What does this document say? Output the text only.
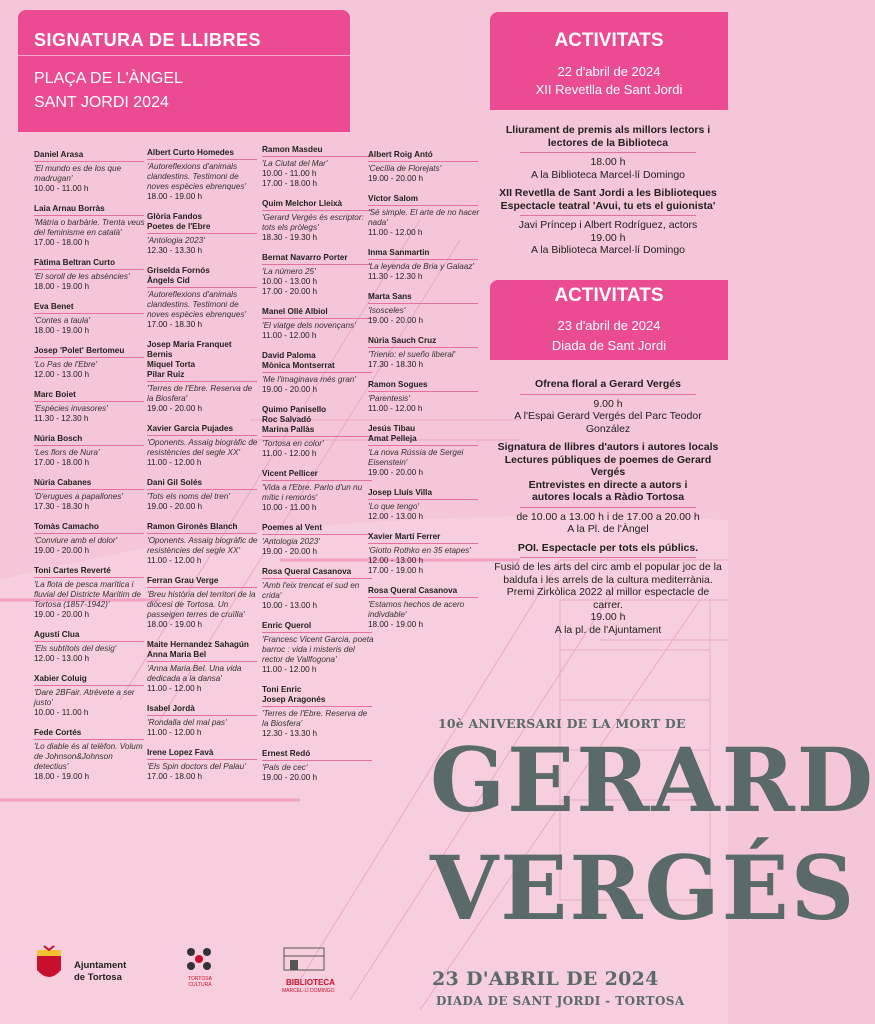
SIGNATURA DE LLIBRES
PLAÇA DE L'ÀNGEL
SANT JORDI 2024
ACTIVITATS
22 d'abril de 2024
XII Revetlla de Sant Jordi
ACTIVITATS
23 d'abril de 2024
Diada de Sant Jordi
Daniel Arasa
'El mundo es de los que madrugan'
10.00 - 11.00 h
Laia Arnau Borràs
'Màtria o barbàrie. Trenta veus del feminisme en català'
17.00 - 18.00 h
Fàtima Beltran Curto
'El soroll de les absències'
18.00 - 19.00 h
Eva Benet
'Contes a taula'
18.00 - 19.00 h
Josep 'Polet' Bertomeu
'Lo Pas de l'Ebre'
12.00 - 13.00 h
Marc Boiet
'Espècies invasores'
11.30 - 12.30 h
Núria Bosch
'Les flors de Nura'
17.00 - 18.00 h
Núria Cabanes
'D'erugues a papallones'
17.30 - 18.30 h
Tomàs Camacho
'Conviure amb el dolor'
19.00 - 20.00 h
Toni Cartes Reverté
'La flota de pesca marítica i fluvial del Districte Marítim de Tortosa (1857-1942)'
19.00 - 20.00 h
Agustí Clua
'Els subtítols del desig'
12.00 - 13.00 h
Xabier Coluig
'Dare 2BFair. Atrévete a ser justo'
10.00 - 11.00 h
Fede Cortés
'Lo diable és al telèfon. Volum de Johnson&Johnson detectius'
18.00 - 19.00 h
Albert Curto Homedes
'Autoreflexions d'animals clandestins. Testimoni de noves espècies ebrenques'
18.00 - 19.00 h
Glòria Fandos
Poetes de l'Ebre
'Antologia 2023'
12.30 - 13.30 h
Griselda Fornós
Àngels Cid
'Autoreflexions d'animals clandestins. Testimoni de noves espècies ebrenques'
17.00 - 18.30 h
Josep Maria Franquet Bernis
Miquel Torta
Pilar Ruiz
'Terres de l'Ebre. Reserva de la Biosfera'
19.00 - 20.00 h
Xavier Garcia Pujades
'Oponents. Assaig biogràfic de resistències del segle XX'
11.00 - 12.00 h
Dani Gil Solés
'Tots els noms del tren'
19.00 - 20.00 h
Ramon Gironès Blanch
'Oponents. Assaig biogràfic de resistències del segle XX'
11.00 - 12.00 h
Ferran Grau Verge
'Breu història del territori de la diòcesi de Tortosa. Un passeigen terres de cruïlla'
18.00 - 19.00 h
Maite Hernandez Sahagún
Anna Maria Bel
'Anna Maria Bel. Una vida dedicada a la dansa'
11.00 - 12.00 h
Isabel Jordà
'Rondalla del mal pas'
11.00 - 12.00 h
Irene Lopez Favà
'Els Spin doctors del Palau'
17.00 - 18.00 h
Ramon Masdeu
'La Ciutat del Mar'
10.00 - 11.00 h
17.00 - 18.00 h
Quim Melchor Lleixà
'Gerard Vergés és escriptor: tots els pròlegs'
18.30 - 19.30 h
Bernat Navarro Porter
'La número 25'
10.00 - 13.00 h
17.00 - 20.00 h
Manel Ollé Albiol
'El viatge dels novençans'
11.00 - 12.00 h
David Paloma
Mònica Montserrat
'Me l'imaginava més gran'
19.00 - 20.00 h
Quimo Panisello
Roc Salvadó
Marina Pallàs
'Tortosa en color'
11.00 - 12.00 h
Vicent Pellicer
'Vida a l'Ebre. Parlo d'un nu mític i remorós'
10.00 - 11.00 h
Poemes al Vent
'Antologia 2023'
19.00 - 20.00 h
Rosa Queral Casanova
'Amb l'eix trencat el sud en crida'
10.00 - 13.00 h
Enric Querol
'Francesc Vicent Garcia, poeta barroc : vida i misteris del rector de Vallfogona'
11.00 - 12.00 h
Toni Enric
Josep Aragonés
'Terres de l'Ebre. Reserva de la Biosfera'
12.30 - 13.30 h
Ernest Redó
'Pals de cec'
19.00 - 20.00 h
Albert Roig Antó
'Cecília de Florejats'
19.00 - 20.00 h
Víctor Salom
'Sé simple. El arte de no hacer nada'
11.00 - 12.00 h
Inma Sanmartin
'La leyenda de Bria y Galaaz'
11.30 - 12.30 h
Marta Sans
'Isosceles'
19.00 - 20.00 h
Núria Sauch Cruz
'Trienio: el sueño liberal'
17.30 - 18.30 h
Ramon Sogues
'Parentesis'
11.00 - 12.00 h
Jesús Tibau
Amat Pelleja
'La nova Rússia de Sergei Eisenstein'
19.00 - 20.00 h
Josep Lluís Villa
'Lo que tengo'
12.00 - 13.00 h
Xavier Martí Ferrer
'Giotto Rothko en 35 etapes'
12.00 - 13.00 h
17.00 - 19.00 h
Rosa Queral Casanova
'Estamos hechos de acero indivdable'
18.00 - 19.00 h
Lliurament de premis als millors lectors i lectores de la Biblioteca
18.00 h
A la Biblioteca Marcel·lí Domingo
XII Revetlla de Sant Jordi a les Biblioteques
Espectacle teatral 'Avui, tu ets el guionista'
Javi Príncep i Albert Rodríguez, actors
19.00 h
A la Biblioteca Marcel·lí Domingo
Ofrena floral a Gerard Vergés
9.00 h
A l'Espai Gerard Vergés del Parc Teodor González
Signatura de llibres d'autors i autores locals
Lectures públiques de poemes de Gerard Vergés
Entrevistes en directe a autors i
autores locals a Ràdio Tortosa
de 10.00 a 13.00 h i de 17.00 a 20.00 h
A la Pl. de l'Àngel
POI. Espectacle per tots els públics.
Fusió de les arts del circ amb el popular joc de la baldufa i les arrels de la cultura mediterrània. Premi Zirkòlica 2022 al millor espectacle de carrer.
19.00 h
A la pl. de l'Ajuntament
10è ANIVERSARI DE LA MORT DE
GERARD
VERGÉS
23 D'ABRIL DE 2024
DIADA DE SANT JORDI - TORTOSA
Ajuntament
de Tortosa	TORTOSA CULTURA	BIBLIOTECA
MARCEL·LÍ DOMINGO
